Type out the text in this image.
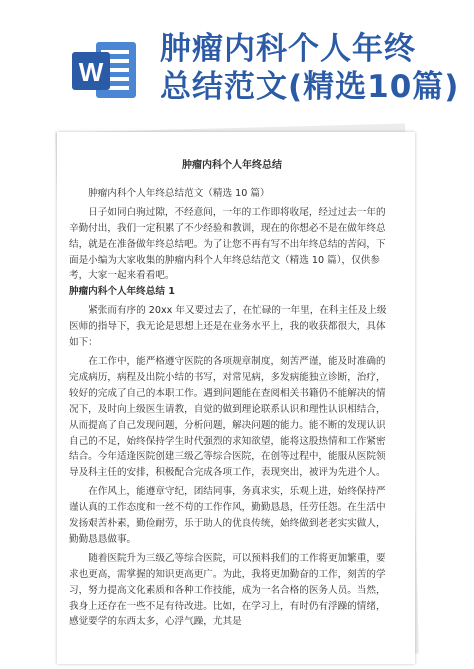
W
肿瘤内科个人年终
总结范文(精选10篇)
肿瘤内科个人年终总结

肿瘤内科个人年终总结范文（精选 10 篇）

日子如同白驹过隙，不经意间，一年的工作即将收尾，经过过去一年的辛勤付出，我们一定积累了不少经验和教训，现在的你想必不是在做年终总结，就是在准备做年终总结吧。为了让您不再有写不出年终总结的苦闷，下面是小编为大家收集的肿瘤内科个人年终总结范文（精选 10 篇），仅供参考，大家一起来看看吧。

肿瘤内科个人年终总结 1

紧张而有序的 20xx 年又要过去了，在忙碌的一年里，在科主任及上级医师的指导下，我无论是思想上还是在业务水平上，我的收获都很大，具体如下：

在工作中，能严格遵守医院的各项规章制度，刻苦严谨，能及时准确的完成病历，病程及出院小结的书写，对常见病，多发病能独立诊断，治疗，较好的完成了自己的本职工作。遇到问题能在查阅相关书籍仍不能解决的情况下，及时向上级医生请教，自觉的做到理论联系认识和理性认识相结合，从而提高了自己发现问题，分析问题，解决问题的能力。能不断的发现认识自己的不足，始终保持学生时代强烈的求知欲望，能将这股热情和工作紧密结合。今年适逢医院创建三级乙等综合医院，在创等过程中，能服从医院领导及科主任的安排，积极配合完成各项工作，表现突出，被评为先进个人。

在作风上，能遵章守纪，团结同事，务真求实，乐观上进，始终保持严谨认真的工作态度和一丝不苟的工作作风，勤勤恳恳，任劳任怨。在生活中发扬艰苦朴素，勤俭耐劳，乐于助人的优良传统，始终做到老老实实做人，勤勤恳恳做事。

随着医院升为三级乙等综合医院，可以预料我们的工作将更加繁重，要求也更高，需掌握的知识更高更广。为此，我将更加勤奋的工作，刻苦的学习，努力提高文化素质和各种工作技能，成为一名合格的医务人员。当然，我身上还存在一些不足有待改进。比如，在学习上，有时仍有浮躁的情绪，感觉要学的东西太多，心浮气躁，尤其是
